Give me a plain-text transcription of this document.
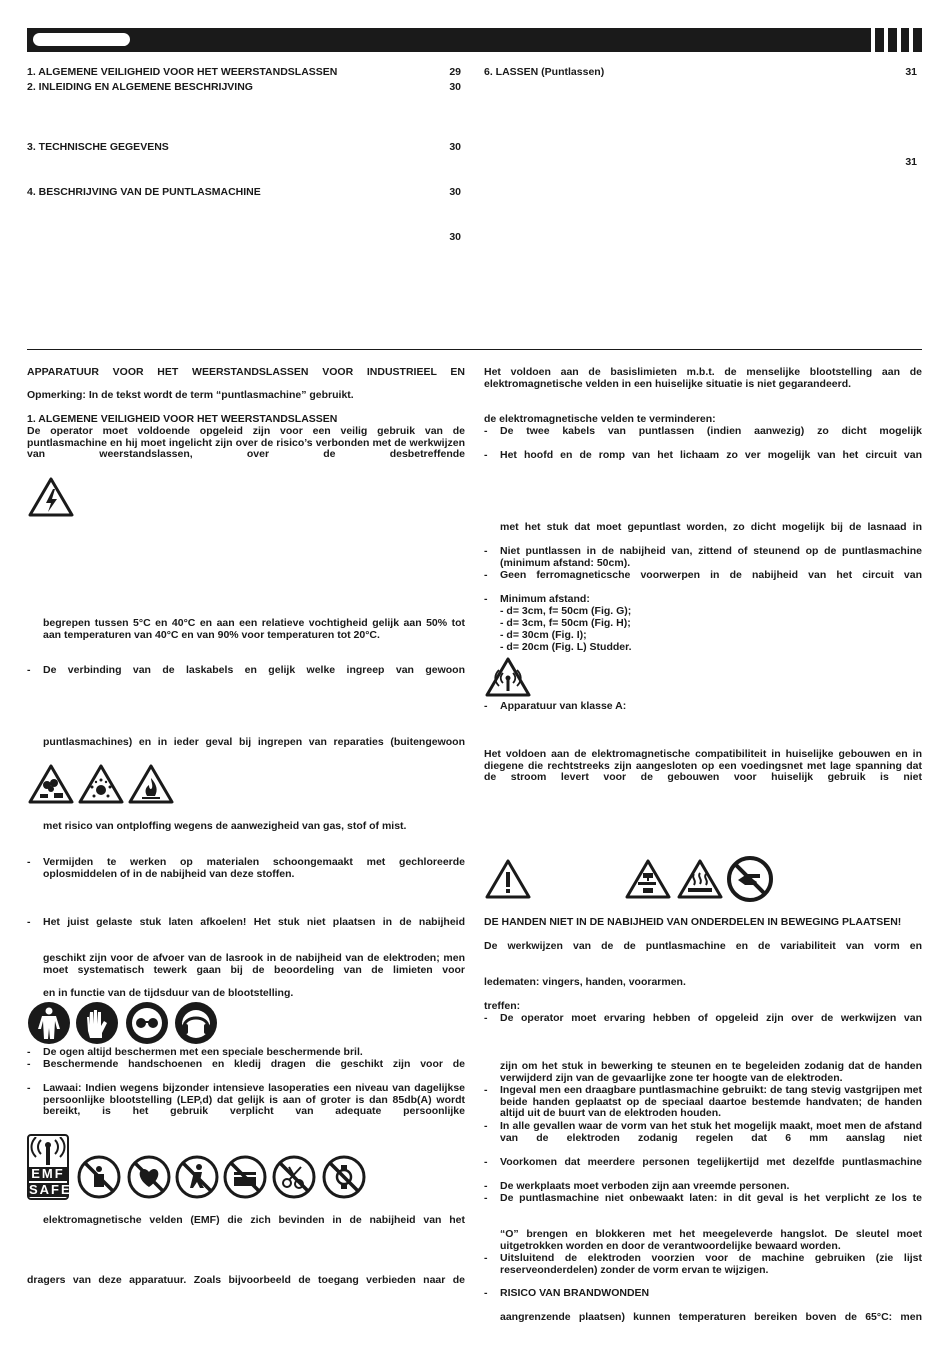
1. ALGEMENE VEILIGHEID VOOR HET WEERSTANDSLASSEN	29
2. INLEIDING EN ALGEMENE BESCHRIJVING	30
3. TECHNISCHE GEGEVENS	30
4. BESCHRIJVING VAN DE PUNTLASMACHINE	30
30
6. LASSEN (Puntlassen)	31
31
APPARATUUR VOOR HET WEERSTANDSLASSEN VOOR INDUSTRIEEL EN
Opmerking: In de tekst wordt de term “puntlasmachine” gebruikt.
1. ALGEMENE VEILIGHEID VOOR HET WEERSTANDSLASSEN
De operator moet voldoende opgeleid zijn voor een veilig gebruik van de puntlasmachine en hij moet ingelicht zijn over de risico’s verbonden met de werkwijzen van weerstandslassen, over de desbetreffende
begrepen tussen 5°C en 40°C en aan een relatieve vochtigheid gelijk aan 50% tot aan temperaturen van 40°C en van 90% voor temperaturen tot 20°C.
- De verbinding van de laskabels en gelijk welke ingreep van gewoon
puntlasmachines) en in ieder geval bij ingrepen van reparaties (buitengewoon
met risico van ontploffing wegens de aanwezigheid van gas, stof of mist.
- Vermijden te werken op materialen schoongemaakt met gechloreerde oplosmiddelen of in de nabijheid van deze stoffen.
- Het juist gelaste stuk laten afkoelen! Het stuk niet plaatsen in de nabijheid
geschikt zijn voor de afvoer van de lasrook in de nabijheid van de elektroden; men moet systematisch tewerk gaan bij de beoordeling van de limieten voor
en in functie van de tijdsduur van de blootstelling.
- De ogen altijd beschermen met een speciale beschermende bril.
- Beschermende handschoenen en kledij dragen die geschikt zijn voor de
- Lawaai: Indien wegens bijzonder intensieve lasoperaties een niveau van dagelijkse persoonlijke blootstelling (LEP,d) dat gelijk is aan of groter is dan 85db(A) wordt bereikt, is het gebruik verplicht van adequate persoonlijke
EMF
SAFE
elektromagnetische velden (EMF) die zich bevinden in de nabijheid van het
dragers van deze apparatuur. Zoals bijvoorbeeld de toegang verbieden naar de
Het voldoen aan de basislimieten m.b.t. de menselijke blootstelling aan de elektromagnetische velden in een huiselijke situatie is niet gegarandeerd.
de elektromagnetische velden te verminderen:
- De twee kabels van puntlassen (indien aanwezig) zo dicht mogelijk
- Het hoofd en de romp van het lichaam zo ver mogelijk van het circuit van
met het stuk dat moet gepuntlast worden, zo dicht mogelijk bij de lasnaad in
- Niet puntlassen in de nabijheid van, zittend of steunend op de puntlasmachine (minimum afstand: 50cm).
- Geen ferromagneticsche voorwerpen in de nabijheid van het circuit van
- Minimum afstand:
- d= 3cm, f= 50cm (Fig. G);
- d= 3cm, f= 50cm (Fig. H);
- d= 30cm (Fig. I);
- d= 20cm (Fig. L) Studder.
- Apparatuur van klasse A:
Het voldoen aan de elektromagnetische compatibiliteit in huiselijke gebouwen en in diegene die rechtstreeks zijn aangesloten op een voedingsnet met lage spanning dat de stroom levert voor de gebouwen voor huiselijk gebruik is niet
DE HANDEN NIET IN DE NABIJHEID VAN ONDERDELEN IN BEWEGING PLAATSEN!
De werkwijzen van de de puntlasmachine en de variabiliteit van vorm en
ledematen: vingers, handen, voorarmen.
treffen:
- De operator moet ervaring hebben of opgeleid zijn over de werkwijzen van
zijn om het stuk in bewerking te steunen en te begeleiden zodanig dat de handen verwijderd zijn van de gevaarlijke zone ter hoogte van de elektroden.
- Ingeval men een draagbare puntlasmachine gebruikt: de tang stevig vastgrijpen met beide handen geplaatst op de speciaal daartoe bestemde handvaten; de handen altijd uit de buurt van de elektroden houden.
- In alle gevallen waar de vorm van het stuk het mogelijk maakt, moet men de afstand van de elektroden zodanig regelen dat 6 mm aanslag niet
- Voorkomen dat meerdere personen tegelijkertijd met dezelfde puntlasmachine
- De werkplaats moet verboden zijn aan vreemde personen.
- De puntlasmachine niet onbewaakt laten: in dit geval is het verplicht ze los te
“O” brengen en blokkeren met het meegeleverde hangslot. De sleutel moet uitgetrokken worden en door de verantwoordelijke bewaard worden.
- Uitsluitend de elektroden voorzien voor de machine gebruiken (zie lijst reserveonderdelen) zonder de vorm ervan te wijzigen.
- RISICO VAN BRANDWONDEN
aangrenzende plaatsen) kunnen temperaturen bereiken boven de 65°C: men
